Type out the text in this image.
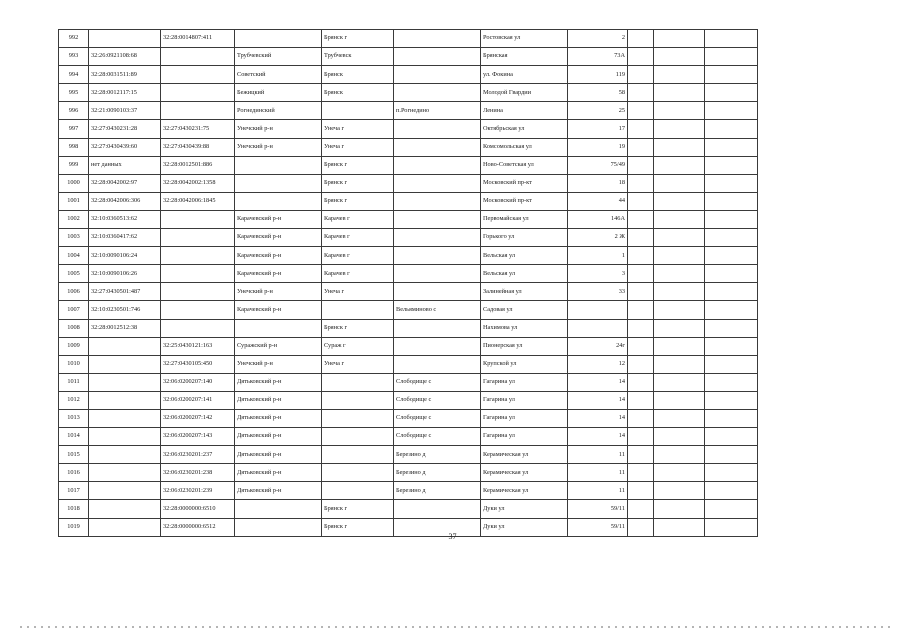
992		32:28:0014807:411		Брянск г		Ростовская ул	2			
993	32:26:0921108:68		Трубчевский	Трубчевск		Брянская	73А			
994	32:28:0031511:89		Советский	Брянск		ул. Фокина	119			
995	32:28:0012117:15		Бежицкий	Брянск		Молодой Гвардии	58			
996	32:21:0090103:37		Рогнединский		п.Рогнедино	Ленина	25			
997	32:27:0430231:28	32:27:0430231:75	Унечский р-н	Унеча г		Октябрьская ул	17			
998	32:27:0430439:60	32:27:0430439:88	Унечский р-н	Унеча г		Комсомольская ул	19			
999	нет данных	32:28:0012501:886		Брянск г		Ново-Советская ул	75/49			
1000	32:28:0042002:97	32:28:0042002:1358		Брянск г		Московский пр-кт	18			
1001	32:28:0042006:306	32:28:0042006:1845		Брянск г		Московский пр-кт	44			
1002	32:10:0360513:62		Карачевский р-н	Карачев г		Первомайская ул	146А			
1003	32:10:0360417:62		Карачевский р-н	Карачев г		Горького ул	2 Ж			
1004	32:10:0090106:24		Карачевский р-н	Карачев г		Вельская ул	1			
1005	32:10:0090106:26		Карачевский р-н	Карачев г		Вельская ул	3			
1006	32:27:0430501:487		Унечский р-н	Унеча г		Залинейная ул	33			
1007	32:10:0230501:746		Карачевский р-н		Вельяминово с	Садовая ул				
1008	32:28:0012512:38			Брянск г		Нахимова ул				
1009		32:25:0430121:163	Суражский р-н	Сураж г		Пионерская ул	24г			
1010		32:27:0430105:450	Унечский р-н	Унеча г		Крупской ул	12			
1011		32:06:0200207:140	Дятьковский р-н		Слободище с	Гагарина ул	14			
1012		32:06:0200207:141	Дятьковский р-н		Слободище с	Гагарина ул	14			
1013		32:06:0200207:142	Дятьковский р-н		Слободище с	Гагарина ул	14			
1014		32:06:0200207:143	Дятьковский р-н		Слободище с	Гагарина ул	14			
1015		32:06:0230201:237	Дятьковский р-н		Березино д	Керамическая ул	11			
1016		32:06:0230201:238	Дятьковский р-н		Березино д	Керамическая ул	11			
1017		32:06:0230201:239	Дятьковский р-н		Березино д	Керамическая ул	11			
1018		32:28:0000000:6510		Брянск г		Дуки ул	59/11			
1019		32:28:0000000:6512		Брянск г		Дуки ул	59/11			
37
